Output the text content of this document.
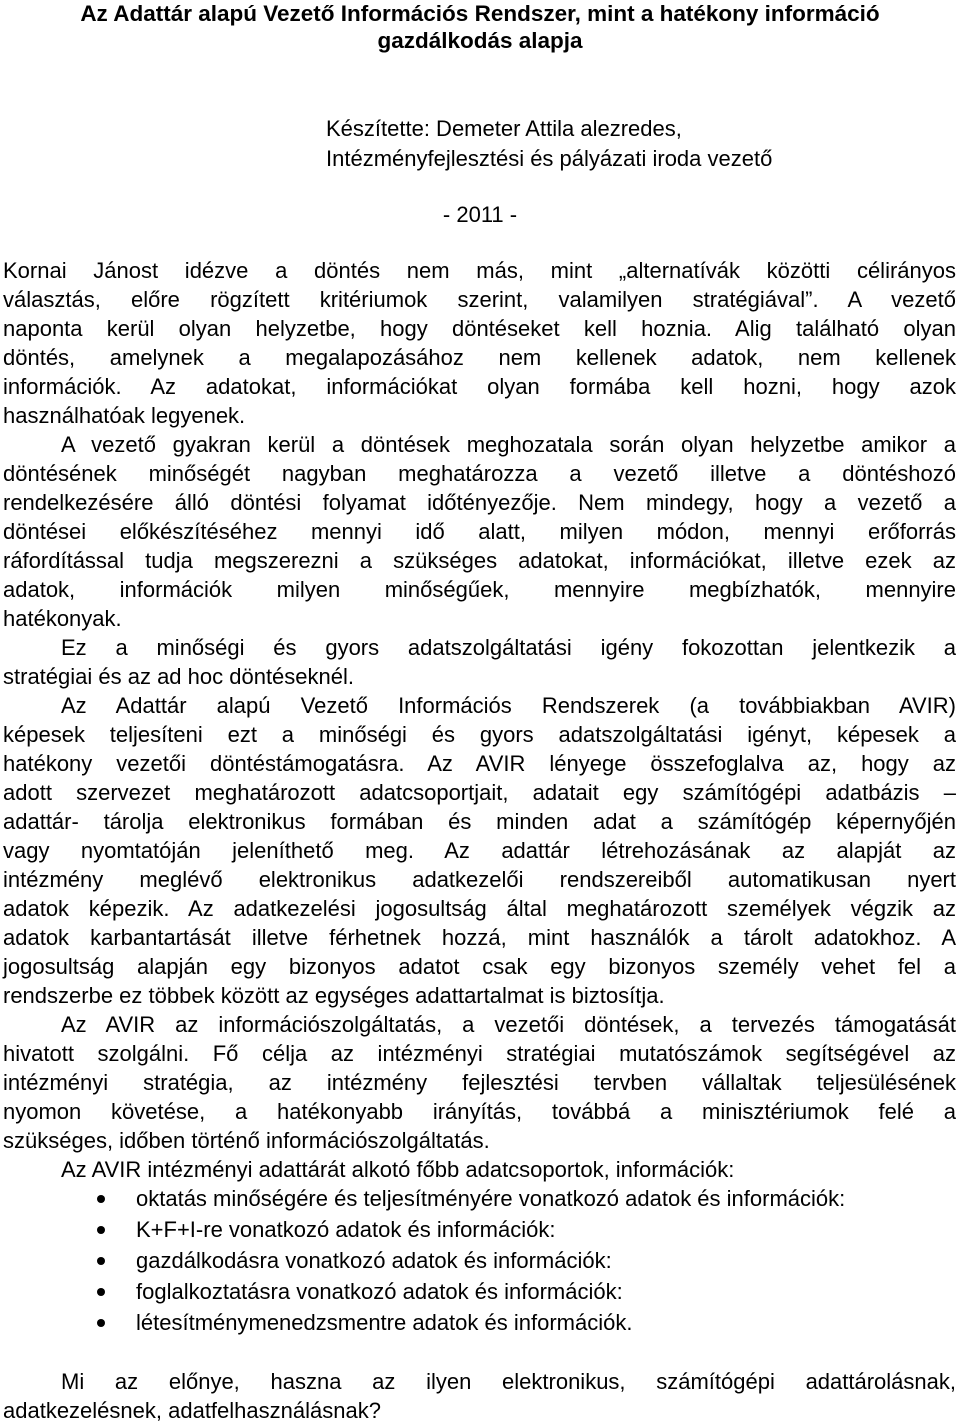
Az Adattár alapú Vezető Információs Rendszer, mint a hatékony információ
gazdálkodás alapja
Készítette: Demeter Attila alezredes,
Intézményfejlesztési és pályázati iroda vezető
- 2011 -
Kornai Jánost idézve a döntés nem más, mint „alternatívák közötti célirányos
választás, előre rögzített kritériumok szerint, valamilyen stratégiával”. A vezető
naponta kerül olyan helyzetbe, hogy döntéseket kell hoznia. Alig található olyan
döntés, amelynek a megalapozásához nem kellenek adatok, nem kellenek
információk. Az adatokat, információkat olyan formába kell hozni, hogy azok
használhatóak legyenek.
A vezető gyakran kerül a döntések meghozatala során olyan helyzetbe amikor a
döntésének minőségét nagyban meghatározza a vezető illetve a döntéshozó
rendelkezésére álló döntési folyamat időtényezője. Nem mindegy, hogy a vezető a
döntései előkészítéséhez mennyi idő alatt, milyen módon, mennyi erőforrás
ráfordítással tudja megszerezni a szükséges adatokat, információkat, illetve ezek az
adatok, információk milyen minőségűek, mennyire megbízhatók, mennyire
hatékonyak.
Ez a minőségi és gyors adatszolgáltatási igény fokozottan jelentkezik a
stratégiai és az ad hoc döntéseknél.
Az Adattár alapú Vezető Információs Rendszerek (a továbbiakban AVIR)
képesek teljesíteni ezt a minőségi és gyors adatszolgáltatási igényt, képesek a
hatékony vezetői döntéstámogatásra. Az AVIR lényege összefoglalva az, hogy az
adott szervezet meghatározott adatcsoportjait, adatait egy számítógépi adatbázis –
adattár- tárolja elektronikus formában és minden adat a számítógép képernyőjén
vagy nyomtatóján jeleníthető meg. Az adattár létrehozásának az alapját az
intézmény meglévő elektronikus adatkezelői rendszereiből automatikusan nyert
adatok képezik. Az adatkezelési jogosultság által meghatározott személyek végzik az
adatok karbantartását illetve férhetnek hozzá, mint használók a tárolt adatokhoz. A
jogosultság alapján egy bizonyos adatot csak egy bizonyos személy vehet fel a
rendszerbe ez többek között az egységes adattartalmat is biztosítja.
Az AVIR az információszolgáltatás, a vezetői döntések, a tervezés támogatását
hivatott szolgálni. Fő célja az intézményi stratégiai mutatószámok segítségével az
intézményi stratégia, az intézmény fejlesztési tervben vállaltak teljesülésének
nyomon követése, a hatékonyabb irányítás, továbbá a minisztériumok felé a
szükséges, időben történő információszolgáltatás.
Az AVIR intézményi adattárát alkotó főbb adatcsoportok, információk:
oktatás minőségére és teljesítményére vonatkozó adatok és információk:
K+F+I-re vonatkozó adatok és információk:
gazdálkodásra vonatkozó adatok és információk:
foglalkoztatásra vonatkozó adatok és információk:
létesítménymenedzsmentre adatok és információk.
Mi az előnye, haszna az ilyen elektronikus, számítógépi adattárolásnak,
adatkezelésnek, adatfelhasználásnak?
